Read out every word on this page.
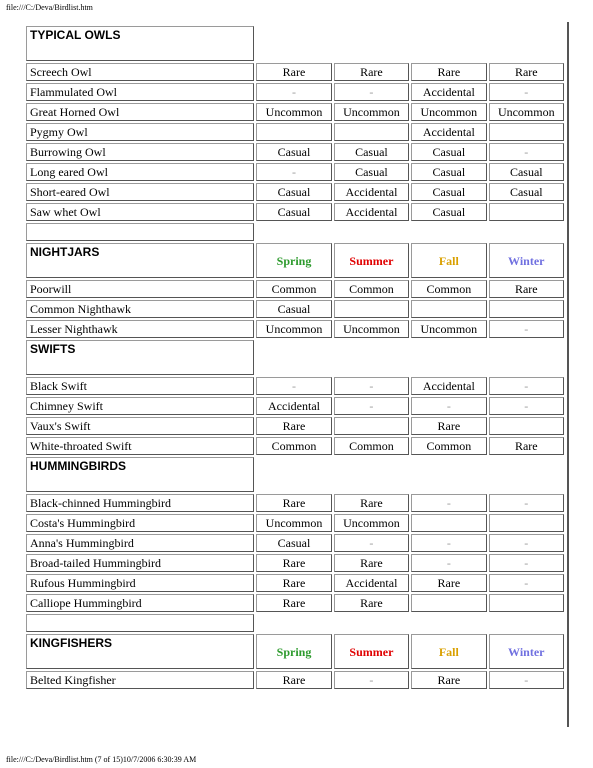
file:///C:/Deva/Birdlist.htm
TYPICAL OWLS				
Screech Owl	Rare	Rare	Rare	Rare
Flammulated Owl	-	-	Accidental	-
Great Horned Owl	Uncommon	Uncommon	Uncommon	Uncommon
Pygmy Owl			Accidental	
Burrowing Owl	Casual	Casual	Casual	-
Long eared Owl	-	Casual	Casual	Casual
Short-eared Owl	Casual	Accidental	Casual	Casual
Saw whet Owl	Casual	Accidental	Casual	

NIGHTJARS	Spring	Summer	Fall	Winter
Poorwill	Common	Common	Common	Rare
Common Nighthawk	Casual			
Lesser Nighthawk	Uncommon	Uncommon	Uncommon	-
SWIFTS				
Black Swift	-	-	Accidental	-
Chimney Swift	Accidental	-	-	-
Vaux's Swift	Rare		Rare	
White-throated Swift	Common	Common	Common	Rare
HUMMINGBIRDS				
Black-chinned Hummingbird	Rare	Rare	-	-
Costa's Hummingbird	Uncommon	Uncommon		
Anna's Hummingbird	Casual	-	-	-
Broad-tailed Hummingbird	Rare	Rare	-	-
Rufous Hummingbird	Rare	Accidental	Rare	-
Calliope Hummingbird	Rare	Rare		

KINGFISHERS	Spring	Summer	Fall	Winter
Belted Kingfisher	Rare	-	Rare	-
file:///C:/Deva/Birdlist.htm (7 of 15)10/7/2006 6:30:39 AM
